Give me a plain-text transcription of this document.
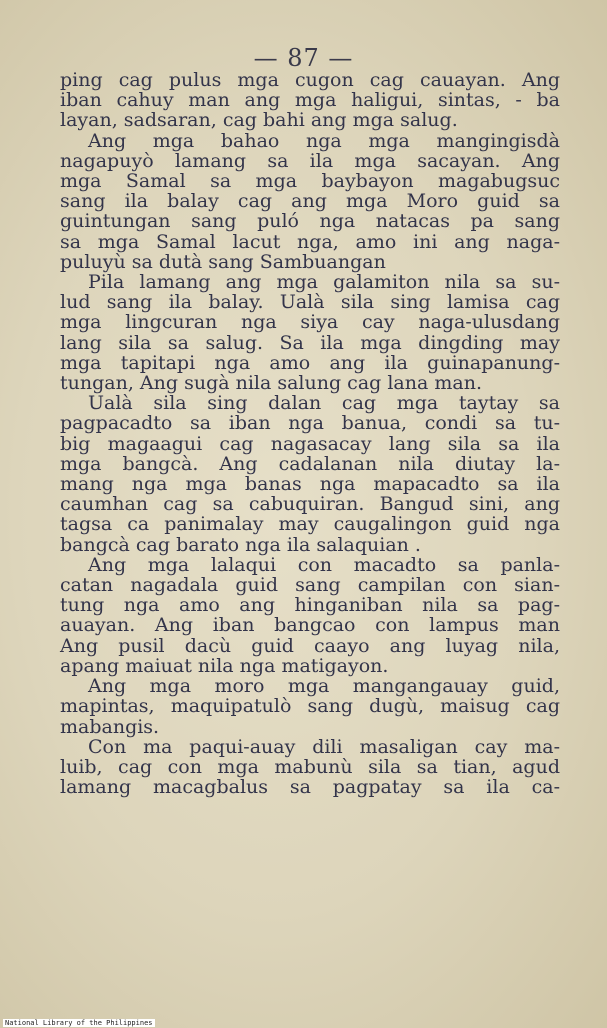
— 87 —
ping cag pulus mga cugon cag cauayan. Ang
iban cahuy man ang mga haligui, sintas, - ba
layan, sadsaran, cag bahi ang mga salug.
Ang mga bahao nga mga mangingisdà
nagapuyò lamang sa ila mga sacayan. Ang
mga Samal sa mga baybayon magabugsuc
sang ila balay cag ang mga Moro guid sa
guintungan sang puló nga natacas pa sang
sa mga Samal lacut nga, amo ini ang naga-
puluyù sa dutà sang Sambuangan
Pila lamang ang mga galamiton nila sa su-
lud sang ila balay. Ualà sila sing lamisa cag
mga lingcuran nga siya cay naga-ulusdang
lang sila sa salug. Sa ila mga dingding may
mga tapitapi nga amo ang ila guinapanung-
tungan, Ang sugà nila salung cag lana man.
Ualà sila sing dalan cag mga taytay sa
pagpacadto sa iban nga banua, condi sa tu-
big magaagui cag nagasacay lang sila sa ila
mga bangcà. Ang cadalanan nila diutay la-
mang nga mga banas nga mapacadto sa ila
caumhan cag sa cabuquiran. Bangud sini, ang
tagsa ca panimalay may caugalingon guid nga
bangcà cag barato nga ila salaquian .
Ang mga lalaqui con macadto sa panla-
catan nagadala guid sang campilan con sian-
tung nga amo ang hinganiban nila sa pag-
auayan. Ang iban bangcao con lampus man
Ang pusil dacù guid caayo ang luyag nila,
apang maiuat nila nga matigayon.
Ang mga moro mga mangangauay guid,
mapintas, maquipatulò sang dugù, maisug cag
mabangis.
Con ma paqui-auay dili masaligan cay ma-
luib, cag con mga mabunù sila sa tian, agud
lamang macagbalus sa pagpatay sa ila ca-
National Library of the Philippines
